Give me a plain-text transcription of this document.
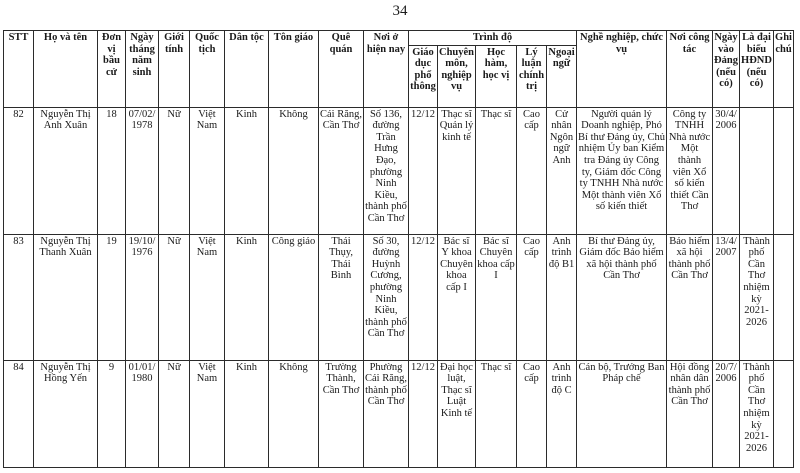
34
STT	Họ và tên	Đơn vị bầu cử	Ngày tháng năm sinh	Giới tính	Quốc tịch	Dân tộc	Tôn giáo	Quê quán	Nơi ở hiện nay	Trình độ					Nghề nghiệp, chức vụ	Nơi công tác	Ngày vào Đảng (nếu có)	Là đại biểu HĐND (nếu có)	Ghi chú
										Giáo dục phổ thông	Chuyên môn, nghiệp vụ	Học hàm, học vị	Lý luận chính trị	Ngoại ngữ					
82	Nguyễn Thị Anh Xuân	18	07/02/ 1978	Nữ	Việt Nam	Kinh	Không	Cái Răng, Cần Thơ	Số 136, đường Trần Hưng Đạo, phường Ninh Kiều, thành phố Cần Thơ	12/12	Thạc sĩ Quản lý kinh tế	Thạc sĩ	Cao cấp	Cử nhân Ngôn ngữ Anh	Người quản lý Doanh nghiệp, Phó Bí thư Đảng ủy, Chủ nhiệm Ủy ban Kiểm tra Đảng ủy Công ty, Giám đốc Công ty TNHH Nhà nước Một thành viên Xổ số kiến thiết	Công ty TNHH Nhà nước Một thành viên Xổ số kiến thiết Cần Thơ	30/4/ 2006		
83	Nguyễn Thị Thanh Xuân	19	19/10/ 1976	Nữ	Việt Nam	Kinh	Công giáo	Thái Thụy, Thái Bình	Số 30, đường Huỳnh Cương, phường Ninh Kiều, thành phố Cần Thơ	12/12	Bác sĩ Y khoa Chuyên khoa cấp I	Bác sĩ Chuyên khoa cấp I	Cao cấp	Anh trình độ B1	Bí thư Đảng ủy, Giám đốc Bảo hiểm xã hội thành phố Cần Thơ	Bảo hiểm xã hội thành phố Cần Thơ	13/4/ 2007	Thành phố Cần Thơ nhiệm kỳ 2021-2026	
84	Nguyễn Thị Hồng Yến	9	01/01/ 1980	Nữ	Việt Nam	Kinh	Không	Trường Thành, Cần Thơ	Phường Cái Răng, thành phố Cần Thơ	12/12	Đại học luật, Thạc sĩ Luật Kinh tế	Thạc sĩ	Cao cấp	Anh trình độ C	Cán bộ, Trưởng Ban Pháp chế	Hội đồng nhân dân thành phố Cần Thơ	20/7/ 2006	Thành phố Cần Thơ nhiệm kỳ 2021-2026	
